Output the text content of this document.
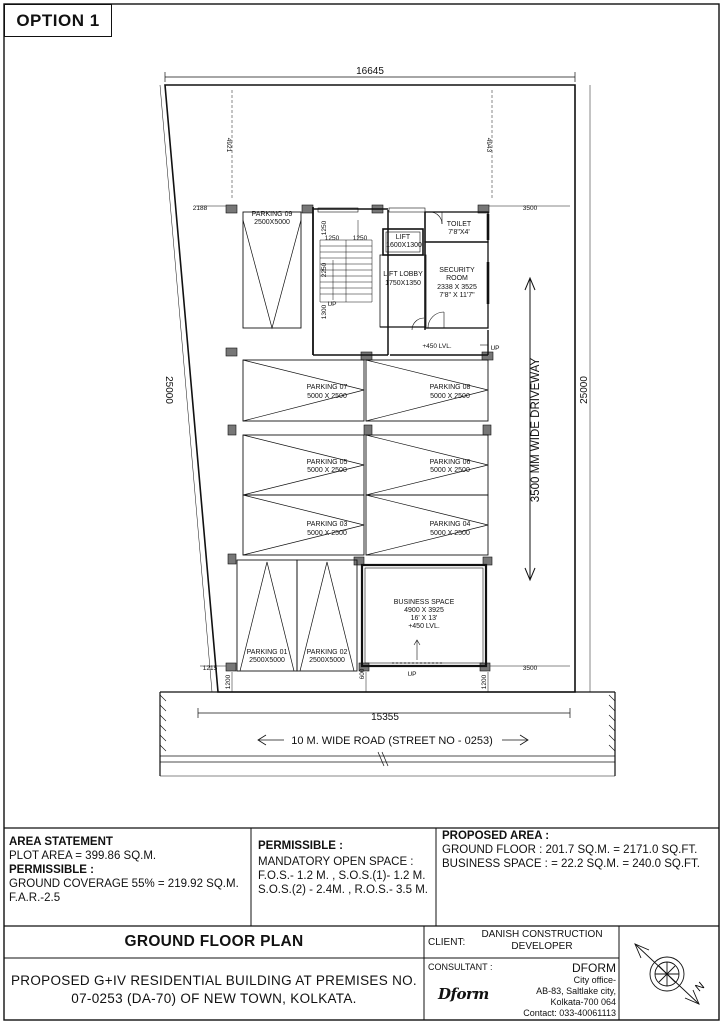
OPTION 1
16645
15355
25000	25000
4921	4943
2188
1215
3500
3500
1200
600
1200
1250
1250 1250
2250
1300
PARKING 09
2500X5000
LIFT
1600X1300
LIFT LOBBY
1750X1350
TOILET
7'8"X4'
SECURITY
ROOM
2338 X 3525
7'8" X 11'7"
PARKING 07
5000 X 2500
PARKING 08
5000 X 2500
PARKING 05
5000 X 2500
PARKING 06
5000 X 2500
PARKING 03
5000 X 2500
PARKING 04
5000 X 2500
PARKING 01
2500X5000
PARKING 02
2500X5000
BUSINESS SPACE
4900 X 3925
16' X 13'
+450 LVL.
UP
UP
UP
+450 LVL.
3500 MM WIDE DRIVEWAY
10 M. WIDE ROAD (STREET NO - 0253)
AREA STATEMENT
PLOT AREA = 399.86 SQ.M.
PERMISSIBLE :
GROUND COVERAGE 55% = 219.92 SQ.M.
F.A.R.-2.5
PERMISSIBLE :
MANDATORY OPEN SPACE :
F.O.S.- 1.2 M. , S.O.S.(1)- 1.2 M.
S.O.S.(2) - 2.4M. , R.O.S.- 3.5 M.
PROPOSED AREA :
GROUND FLOOR : 201.7 SQ.M. = 2171.0 SQ.FT.
BUSINESS SPACE : = 22.2 SQ.M. = 240.0 SQ.FT.
GROUND FLOOR PLAN
PROPOSED G+IV RESIDENTIAL BUILDING AT PREMISES NO.
07-0253 (DA-70) OF NEW TOWN, KOLKATA.
CLIENT:
DANISH CONSTRUCTION
DEVELOPER
CONSULTANT :
Dform
DFORM
City office-
AB-83, Saltlake city,
Kolkata-700 064
Contact: 033-40061113
N
